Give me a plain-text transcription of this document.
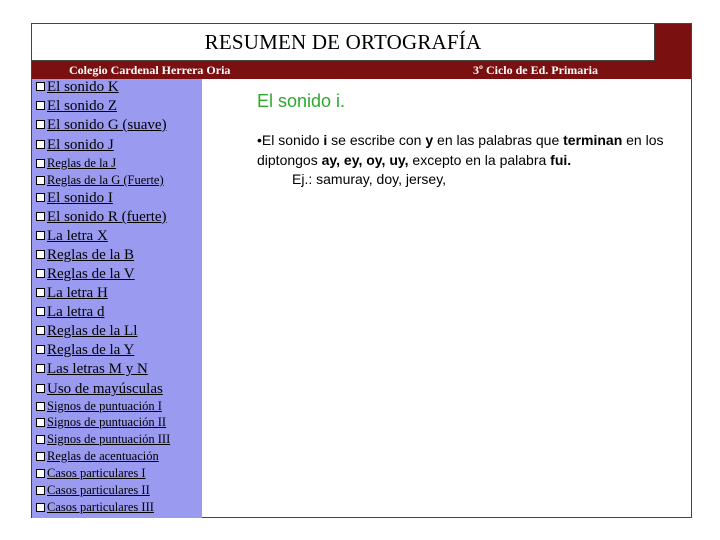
RESUMEN DE ORTOGRAFÍA
Colegio Cardenal Herrera Oria	3º Ciclo de Ed. Primaria
El sonido K
El sonido Z
El sonido G (suave)
El sonido J
Reglas de la J
Reglas de la G (Fuerte)
El sonido I
El sonido R (fuerte)
La letra X
Reglas de la B
Reglas de la V
La letra H
La letra d
Reglas de la Ll
Reglas de la Y
Las letras M y N
Uso de mayúsculas
Signos de puntuación I
Signos de puntuación II
Signos de puntuación III
Reglas de acentuación
Casos particulares I
Casos particulares II
Casos particulares III
El sonido i.
•El sonido i se escribe con y en las palabras que terminan en los diptongos ay, ey, oy, uy, excepto en la palabra fui.
Ej.: samuray, doy, jersey,
